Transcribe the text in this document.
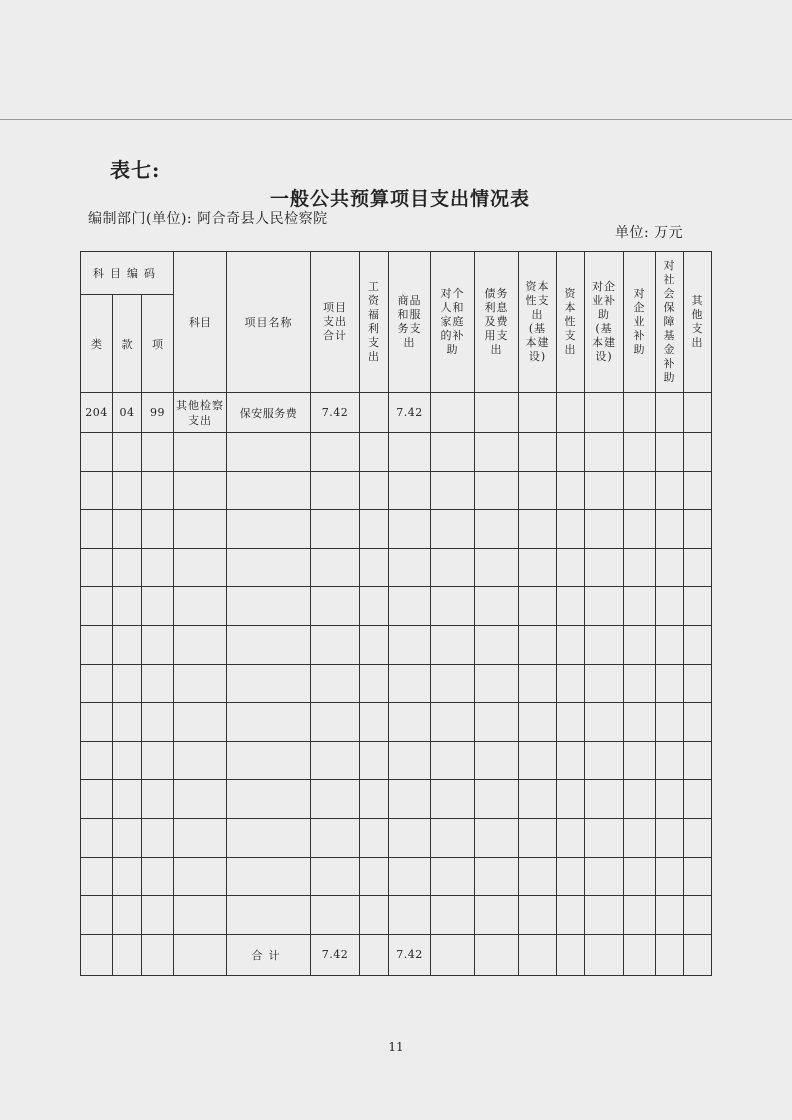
表七:
一般公共预算项目支出情况表
编制部门(单位): 阿合奇县人民检察院
单位: 万元
科目编码			科目	项目名称	项目支出合计	工资福利支出	商品和服务支出	对个人和家庭的补助	债务利息及费用支出	资本性支出(基本建设)	资本性支出	对企业补助(基本建设)	对企业补助	对社会保障基金补助	其他支出
类	款	项													
204	04	99	其他检察支出	保安服务费	7.42		7.42								

				合计	7.42		7.42								
11
